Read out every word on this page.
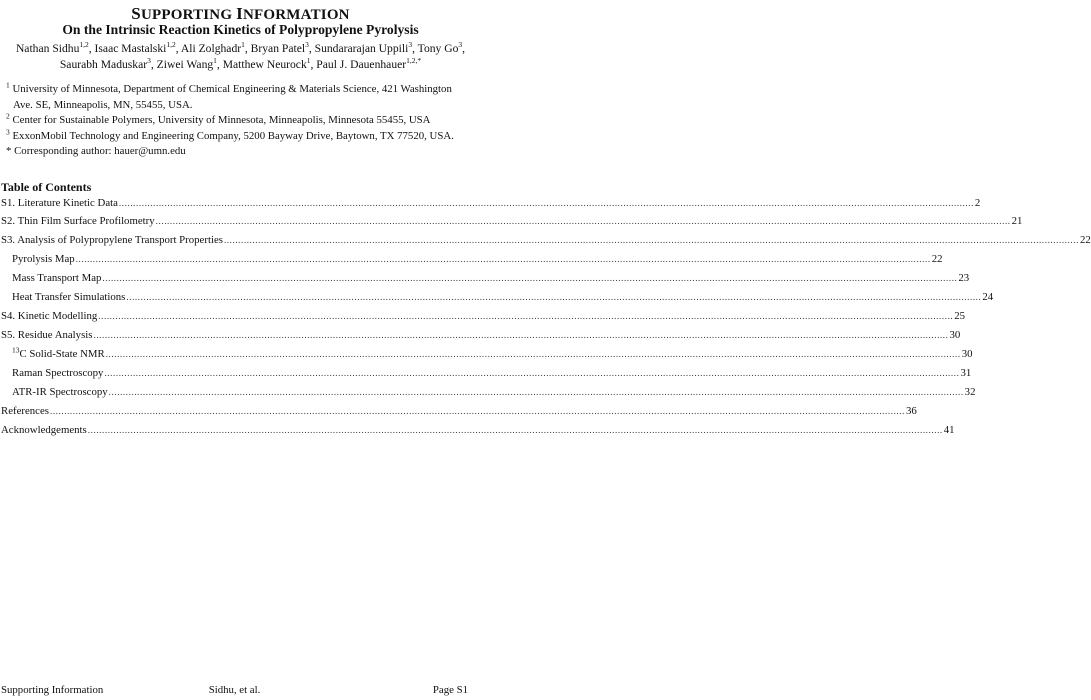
SUPPORTING INFORMATION
On the Intrinsic Reaction Kinetics of Polypropylene Pyrolysis
Nathan Sidhu$^{1,2}$, Isaac Mastalski$^{1,2}$, Ali Zolghadr$^1$, Bryan Patel$^3$, Sundararajan Uppili$^3$, Tony Go$^3$,
Saurabh Maduskar$^3$, Ziwei Wang$^1$, Matthew Neurock$^1$, Paul J. Dauenhauer$^{1,2,*}$
$^1$ University of Minnesota, Department of Chemical Engineering & Materials Science, 421 Washington
Ave. SE, Minneapolis, MN, 55455, USA.
$^2$ Center for Sustainable Polymers, University of Minnesota, Minneapolis, Minnesota 55455, USA
$^3$ ExxonMobil Technology and Engineering Company, 5200 Bayway Drive, Baytown, TX 77520, USA.
* Corresponding author: hauer@umn.edu
Table of Contents
S1. Literature Kinetic Data ............................................................................................................................................................................................................................................................................................................ 2
S2. Thin Film Surface Profilometry ............................................................................................................................................................................................................................................................................................................ 21
S3. Analysis of Polypropylene Transport Properties ............................................................................................................................................................................................................................................................................................................ 22
Pyrolysis Map ............................................................................................................................................................................................................................................................................................................ 22
Mass Transport Map ............................................................................................................................................................................................................................................................................................................ 23
Heat Transfer Simulations ............................................................................................................................................................................................................................................................................................................ 24
S4. Kinetic Modelling ............................................................................................................................................................................................................................................................................................................ 25
S5. Residue Analysis ............................................................................................................................................................................................................................................................................................................ 30
$^{13}$C Solid-State NMR ............................................................................................................................................................................................................................................................................................................ 30
Raman Spectroscopy ............................................................................................................................................................................................................................................................................................................ 31
ATR-IR Spectroscopy ............................................................................................................................................................................................................................................................................................................ 32
References ............................................................................................................................................................................................................................................................................................................ 36
Acknowledgements ............................................................................................................................................................................................................................................................................................................ 41
Sidhu, et al.
Supporting Information	Page S1
